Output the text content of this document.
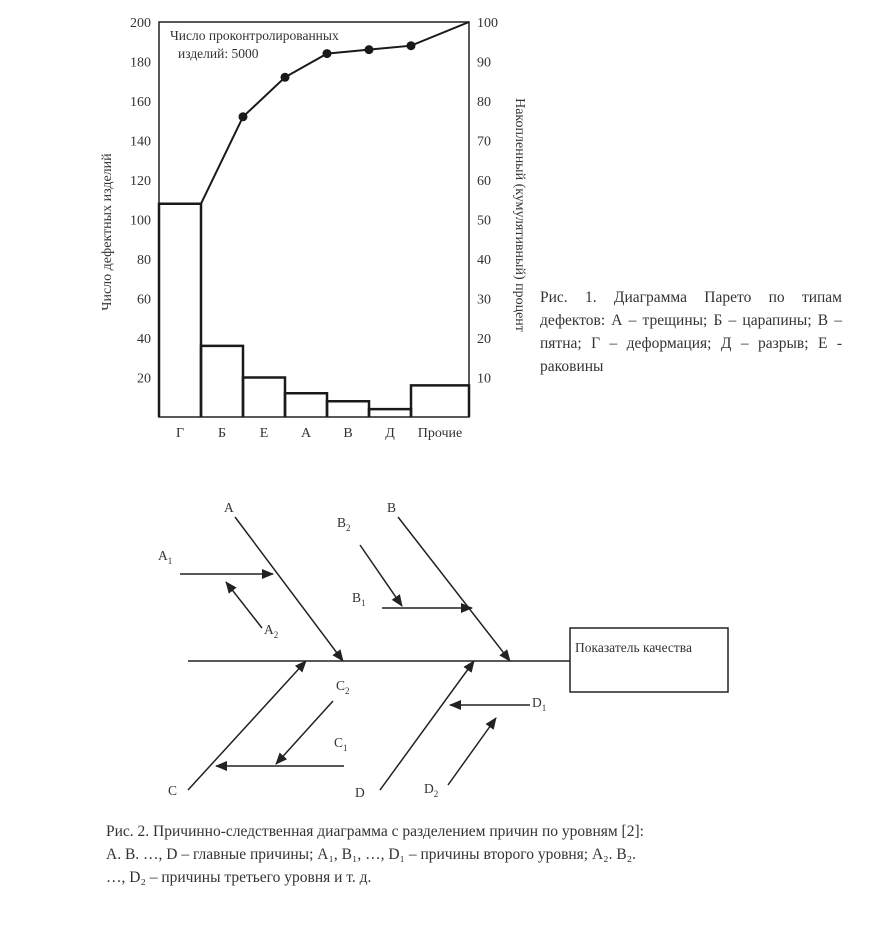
Число дефектных изделий	Накопленный (кумулятивный) процент
Число проконтролированных
изделий: 5000
20
40
60
80
100
120
140
160
180
200
10
20
30
40
50
60
70
80
90
100
Г Б Е А В Д Прочие
Рис. 1. Диаграмма Парето по типам дефектов: А – трещины; Б – царапины; В – пятна; Г – деформация; Д – разрыв; Е - раковины
Показатель качества
A	B
C	D
$A_1$
$B_1$
$C_1$
$D_1$
$A_2$
$B_2$
$C_2$
$D_2$
Рис. 2. Причинно-следственная диаграмма с разделением причин по уровням [2]:
A. B. …, D – главные причины; A₁, B₁, …, D₁ – причины второго уровня; A₂. B₂.
…, D₂ – причины третьего уровня и т. д.
